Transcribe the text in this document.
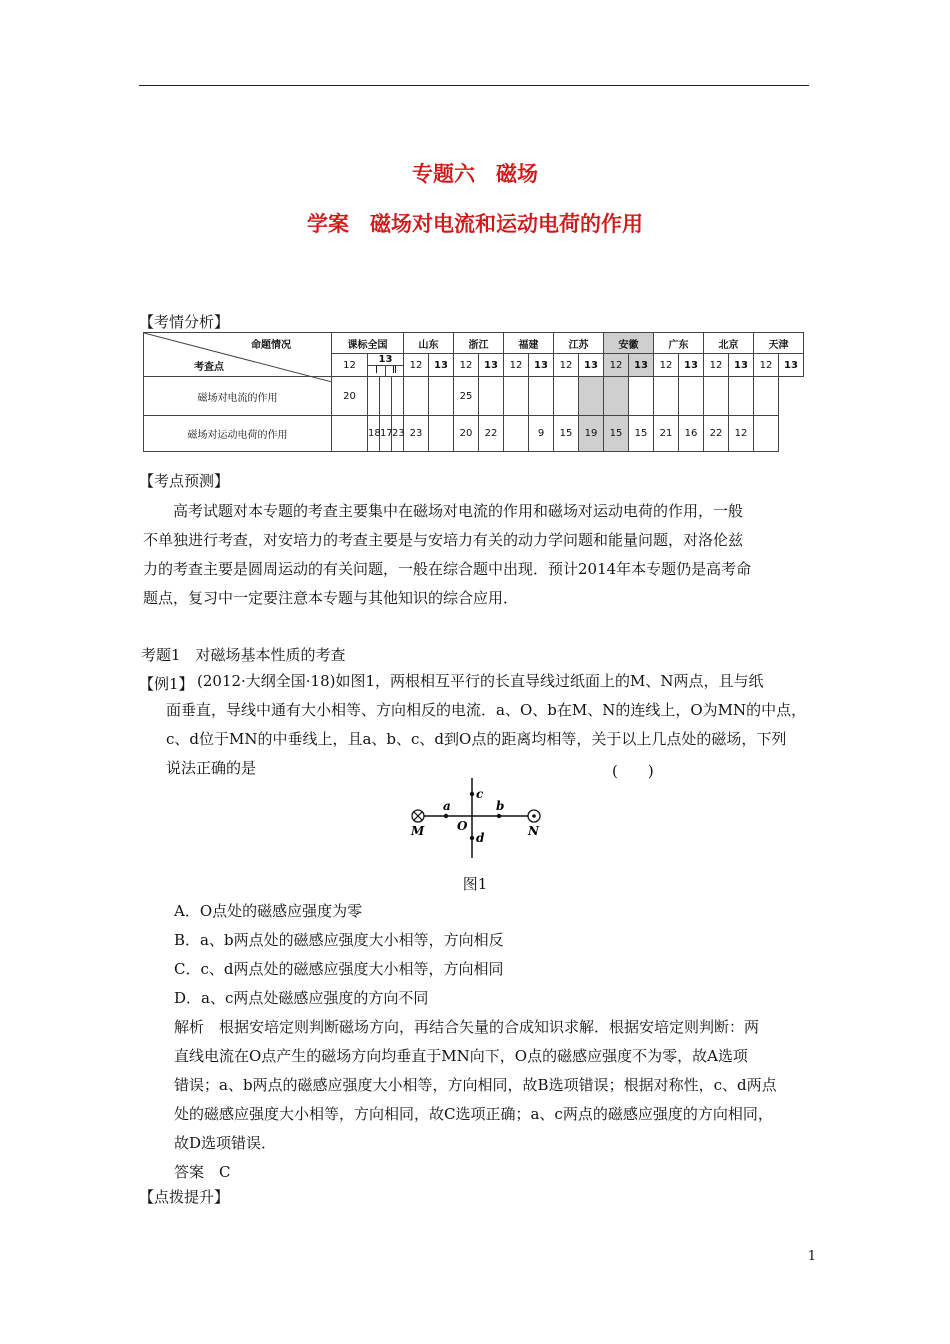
专题六　磁场
学案　磁场对电流和运动电荷的作用
【考情分析】
命题情况
考查点	课标全国				山东		浙江		福建		江苏		安徽		广东		北京		天津	
	12	13
Ⅰ Ⅱ			12	13	12	13	12	13	12	13	12	13	12	13	12	13	12	13
磁场对电流的作用	20						25													
磁场对运动电荷的作用		18	17	23	23		20	22		9	15	19	15	15	21	16	22	12		
【考点预测】
高考试题对本专题的考查主要集中在磁场对电流的作用和磁场对运动电荷的作用，一般
不单独进行考查，对安培力的考查主要是与安培力有关的动力学问题和能量问题，对洛伦兹
力的考查主要是圆周运动的有关问题，一般在综合题中出现．预计2014年本专题仍是高考命
题点，复习中一定要注意本专题与其他知识的综合应用．
考题1　对磁场基本性质的考查
【例1】 (2012·大纲全国·18)如图1，两根相互平行的长直导线过纸面上的M、N两点，且与纸
面垂直，导线中通有大小相等、方向相反的电流．a、O、b在M、N的连线上，O为MN的中点，
c、d位于MN的中垂线上，且a、b、c、d到O点的距离均相等，关于以上几点处的磁场，下列
说法正确的是	(　　)
a	b
c
d
O
M	N
图1
A．O点处的磁感应强度为零
B．a、b两点处的磁感应强度大小相等，方向相反
C．c、d两点处的磁感应强度大小相等，方向相同
D．a、c两点处磁感应强度的方向不同
解析　根据安培定则判断磁场方向，再结合矢量的合成知识求解．根据安培定则判断：两
直线电流在O点产生的磁场方向均垂直于MN向下，O点的磁感应强度不为零，故A选项
错误；a、b两点的磁感应强度大小相等，方向相同，故B选项错误；根据对称性，c、d两点
处的磁感应强度大小相等，方向相同，故C选项正确；a、c两点的磁感应强度的方向相同，
故D选项错误．
答案　C
【点拨提升】
1
